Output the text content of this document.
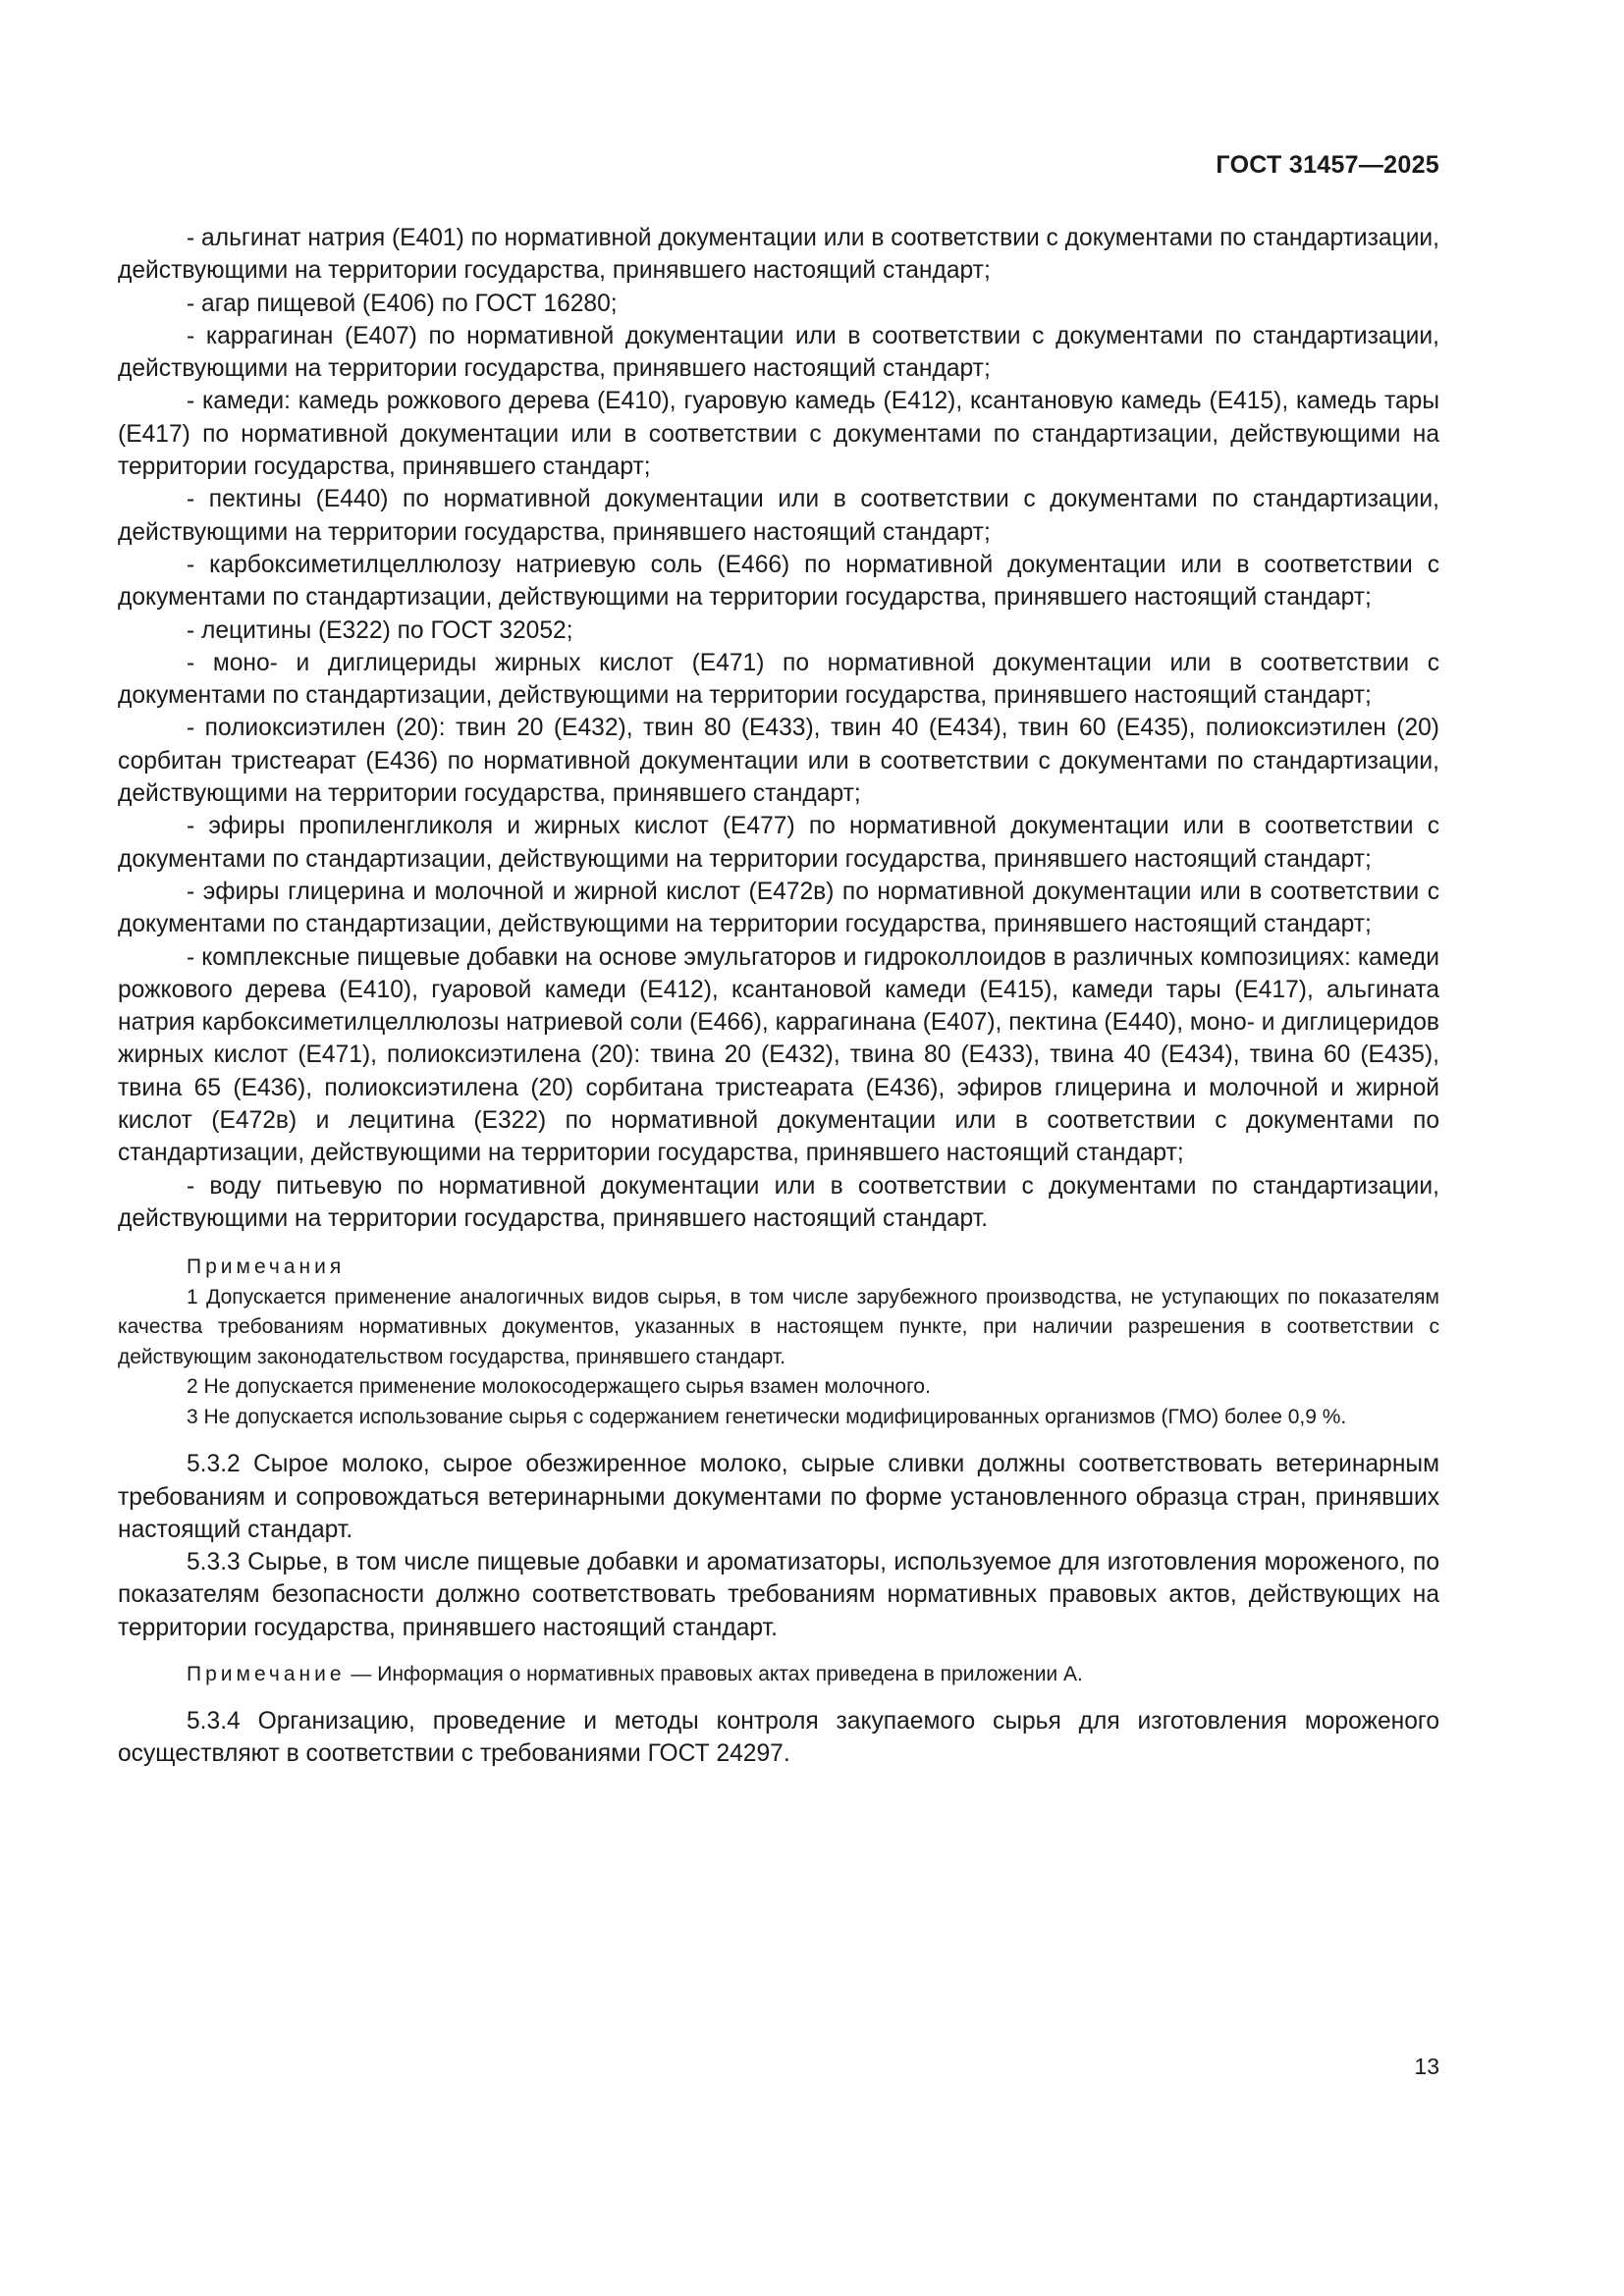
ГОСТ 31457—2025

- альгинат натрия (Е401) по нормативной документации или в соответствии с документами по стандартизации, действующими на территории государства, принявшего настоящий стандарт;

- агар пищевой (Е406) по ГОСТ 16280;

- каррагинан (Е407) по нормативной документации или в соответствии с документами по стандартизации, действующими на территории государства, принявшего настоящий стандарт;

- камеди: камедь рожкового дерева (Е410), гуаровую камедь (Е412), ксантановую камедь (Е415), камедь тары (Е417) по нормативной документации или в соответствии с документами по стандартизации, действующими на территории государства, принявшего стандарт;

- пектины (Е440) по нормативной документации или в соответствии с документами по стандартизации, действующими на территории государства, принявшего настоящий стандарт;

- карбоксиметилцеллюлозу натриевую соль (Е466) по нормативной документации или в соответствии с документами по стандартизации, действующими на территории государства, принявшего настоящий стандарт;

- лецитины (Е322) по ГОСТ 32052;

- моно- и диглицериды жирных кислот (Е471) по нормативной документации или в соответствии с документами по стандартизации, действующими на территории государства, принявшего настоящий стандарт;

- полиоксиэтилен (20): твин 20 (Е432), твин 80 (Е433), твин 40 (Е434), твин 60 (Е435), полиоксиэтилен (20) сорбитан тристеарат (Е436) по нормативной документации или в соответствии с документами по стандартизации, действующими на территории государства, принявшего стандарт;

- эфиры пропиленгликоля и жирных кислот (Е477) по нормативной документации или в соответствии с документами по стандартизации, действующими на территории государства, принявшего настоящий стандарт;

- эфиры глицерина и молочной и жирной кислот (Е472в) по нормативной документации или в соответствии с документами по стандартизации, действующими на территории государства, принявшего настоящий стандарт;

- комплексные пищевые добавки на основе эмульгаторов и гидроколлоидов в различных композициях: камеди рожкового дерева (Е410), гуаровой камеди (Е412), ксантановой камеди (Е415), камеди тары (Е417), альгината натрия карбоксиметилцеллюлозы натриевой соли (Е466), каррагинана (Е407), пектина (Е440), моно- и диглицеридов жирных кислот (Е471), полиоксиэтилена (20): твина 20 (Е432), твина 80 (Е433), твина 40 (Е434), твина 60 (Е435), твина 65 (Е436), полиоксиэтилена (20) сорбитана тристеарата (Е436), эфиров глицерина и молочной и жирной кислот (Е472в) и лецитина (Е322) по нормативной документации или в соответствии с документами по стандартизации, действующими на территории государства, принявшего настоящий стандарт;

- воду питьевую по нормативной документации или в соответствии с документами по стандартизации, действующими на территории государства, принявшего настоящий стандарт.

Примечания

1 Допускается применение аналогичных видов сырья, в том числе зарубежного производства, не уступающих по показателям качества требованиям нормативных документов, указанных в настоящем пункте, при наличии разрешения в соответствии с действующим законодательством государства, принявшего стандарт.

2 Не допускается применение молокосодержащего сырья взамен молочного.

3 Не допускается использование сырья с содержанием генетически модифицированных организмов (ГМО) более 0,9 %.

5.3.2 Сырое молоко, сырое обезжиренное молоко, сырые сливки должны соответствовать ветеринарным требованиям и сопровождаться ветеринарными документами по форме установленного образца стран, принявших настоящий стандарт.

5.3.3 Сырье, в том числе пищевые добавки и ароматизаторы, используемое для изготовления мороженого, по показателям безопасности должно соответствовать требованиям нормативных правовых актов, действующих на территории государства, принявшего настоящий стандарт.

Примечание — Информация о нормативных правовых актах приведена в приложении А.

5.3.4 Организацию, проведение и методы контроля закупаемого сырья для изготовления мороженого осуществляют в соответствии с требованиями ГОСТ 24297.

13
